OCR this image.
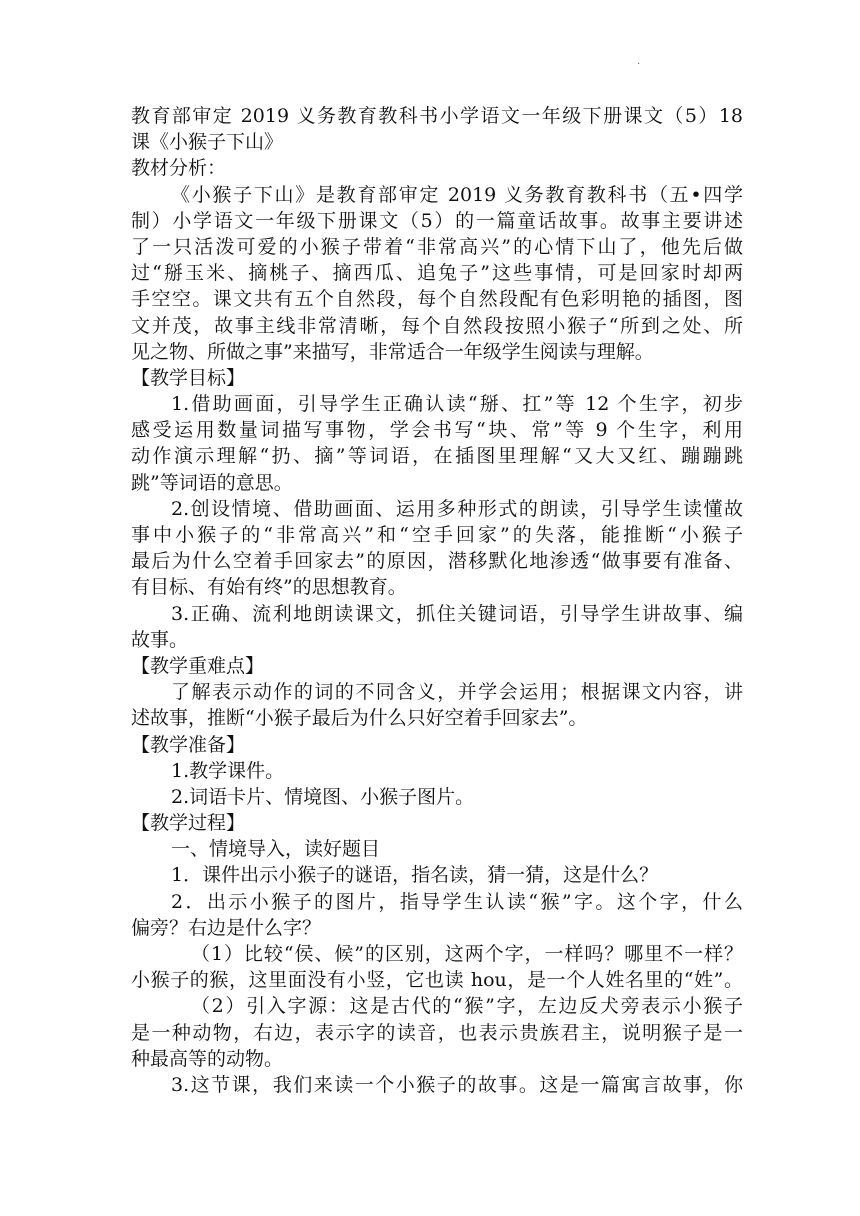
.
教育部审定 2019 义务教育教科书小学语文一年级下册课文（5）18
课《小猴子下山》
教材分析：
《小猴子下山》是教育部审定 2019 义务教育教科书（五•四学
制）小学语文一年级下册课文（5）的一篇童话故事。故事主要讲述
了一只活泼可爱的小猴子带着“非常高兴”的心情下山了，他先后做
过“掰玉米、摘桃子、摘西瓜、追兔子”这些事情，可是回家时却两
手空空。课文共有五个自然段，每个自然段配有色彩明艳的插图，图
文并茂，故事主线非常清晰，每个自然段按照小猴子“所到之处、所
见之物、所做之事”来描写，非常适合一年级学生阅读与理解。
【教学目标】
1.借助画面，引导学生正确认读“掰、扛”等 12 个生字，初步
感受运用数量词描写事物，学会书写“块、常”等 9 个生字，利用
动作演示理解“扔、摘”等词语，在插图里理解“又大又红、蹦蹦跳
跳”等词语的意思。
2.创设情境、借助画面、运用多种形式的朗读，引导学生读懂故
事中小猴子的“非常高兴”和“空手回家”的失落，能推断“小猴子
最后为什么空着手回家去”的原因，潜移默化地渗透“做事要有准备、
有目标、有始有终”的思想教育。
3.正确、流利地朗读课文，抓住关键词语，引导学生讲故事、编
故事。
【教学重难点】
了解表示动作的词的不同含义，并学会运用；根据课文内容，讲
述故事，推断“小猴子最后为什么只好空着手回家去”。
【教学准备】
1.教学课件。
2.词语卡片、情境图、小猴子图片。
【教学过程】
一、情境导入，读好题目
1．课件出示小猴子的谜语，指名读，猜一猜，这是什么？
2．出示小猴子的图片，指导学生认读“猴”字。这个字，什么
偏旁？右边是什么字？
（1）比较“侯、候”的区别，这两个字，一样吗？哪里不一样？
小猴子的猴，这里面没有小竖，它也读 hou，是一个人姓名里的“姓”。
（2）引入字源：这是古代的“猴”字，左边反犬旁表示小猴子
是一种动物，右边，表示字的读音，也表示贵族君主，说明猴子是一
种最高等的动物。
3.这节课，我们来读一个小猴子的故事。这是一篇寓言故事，你
